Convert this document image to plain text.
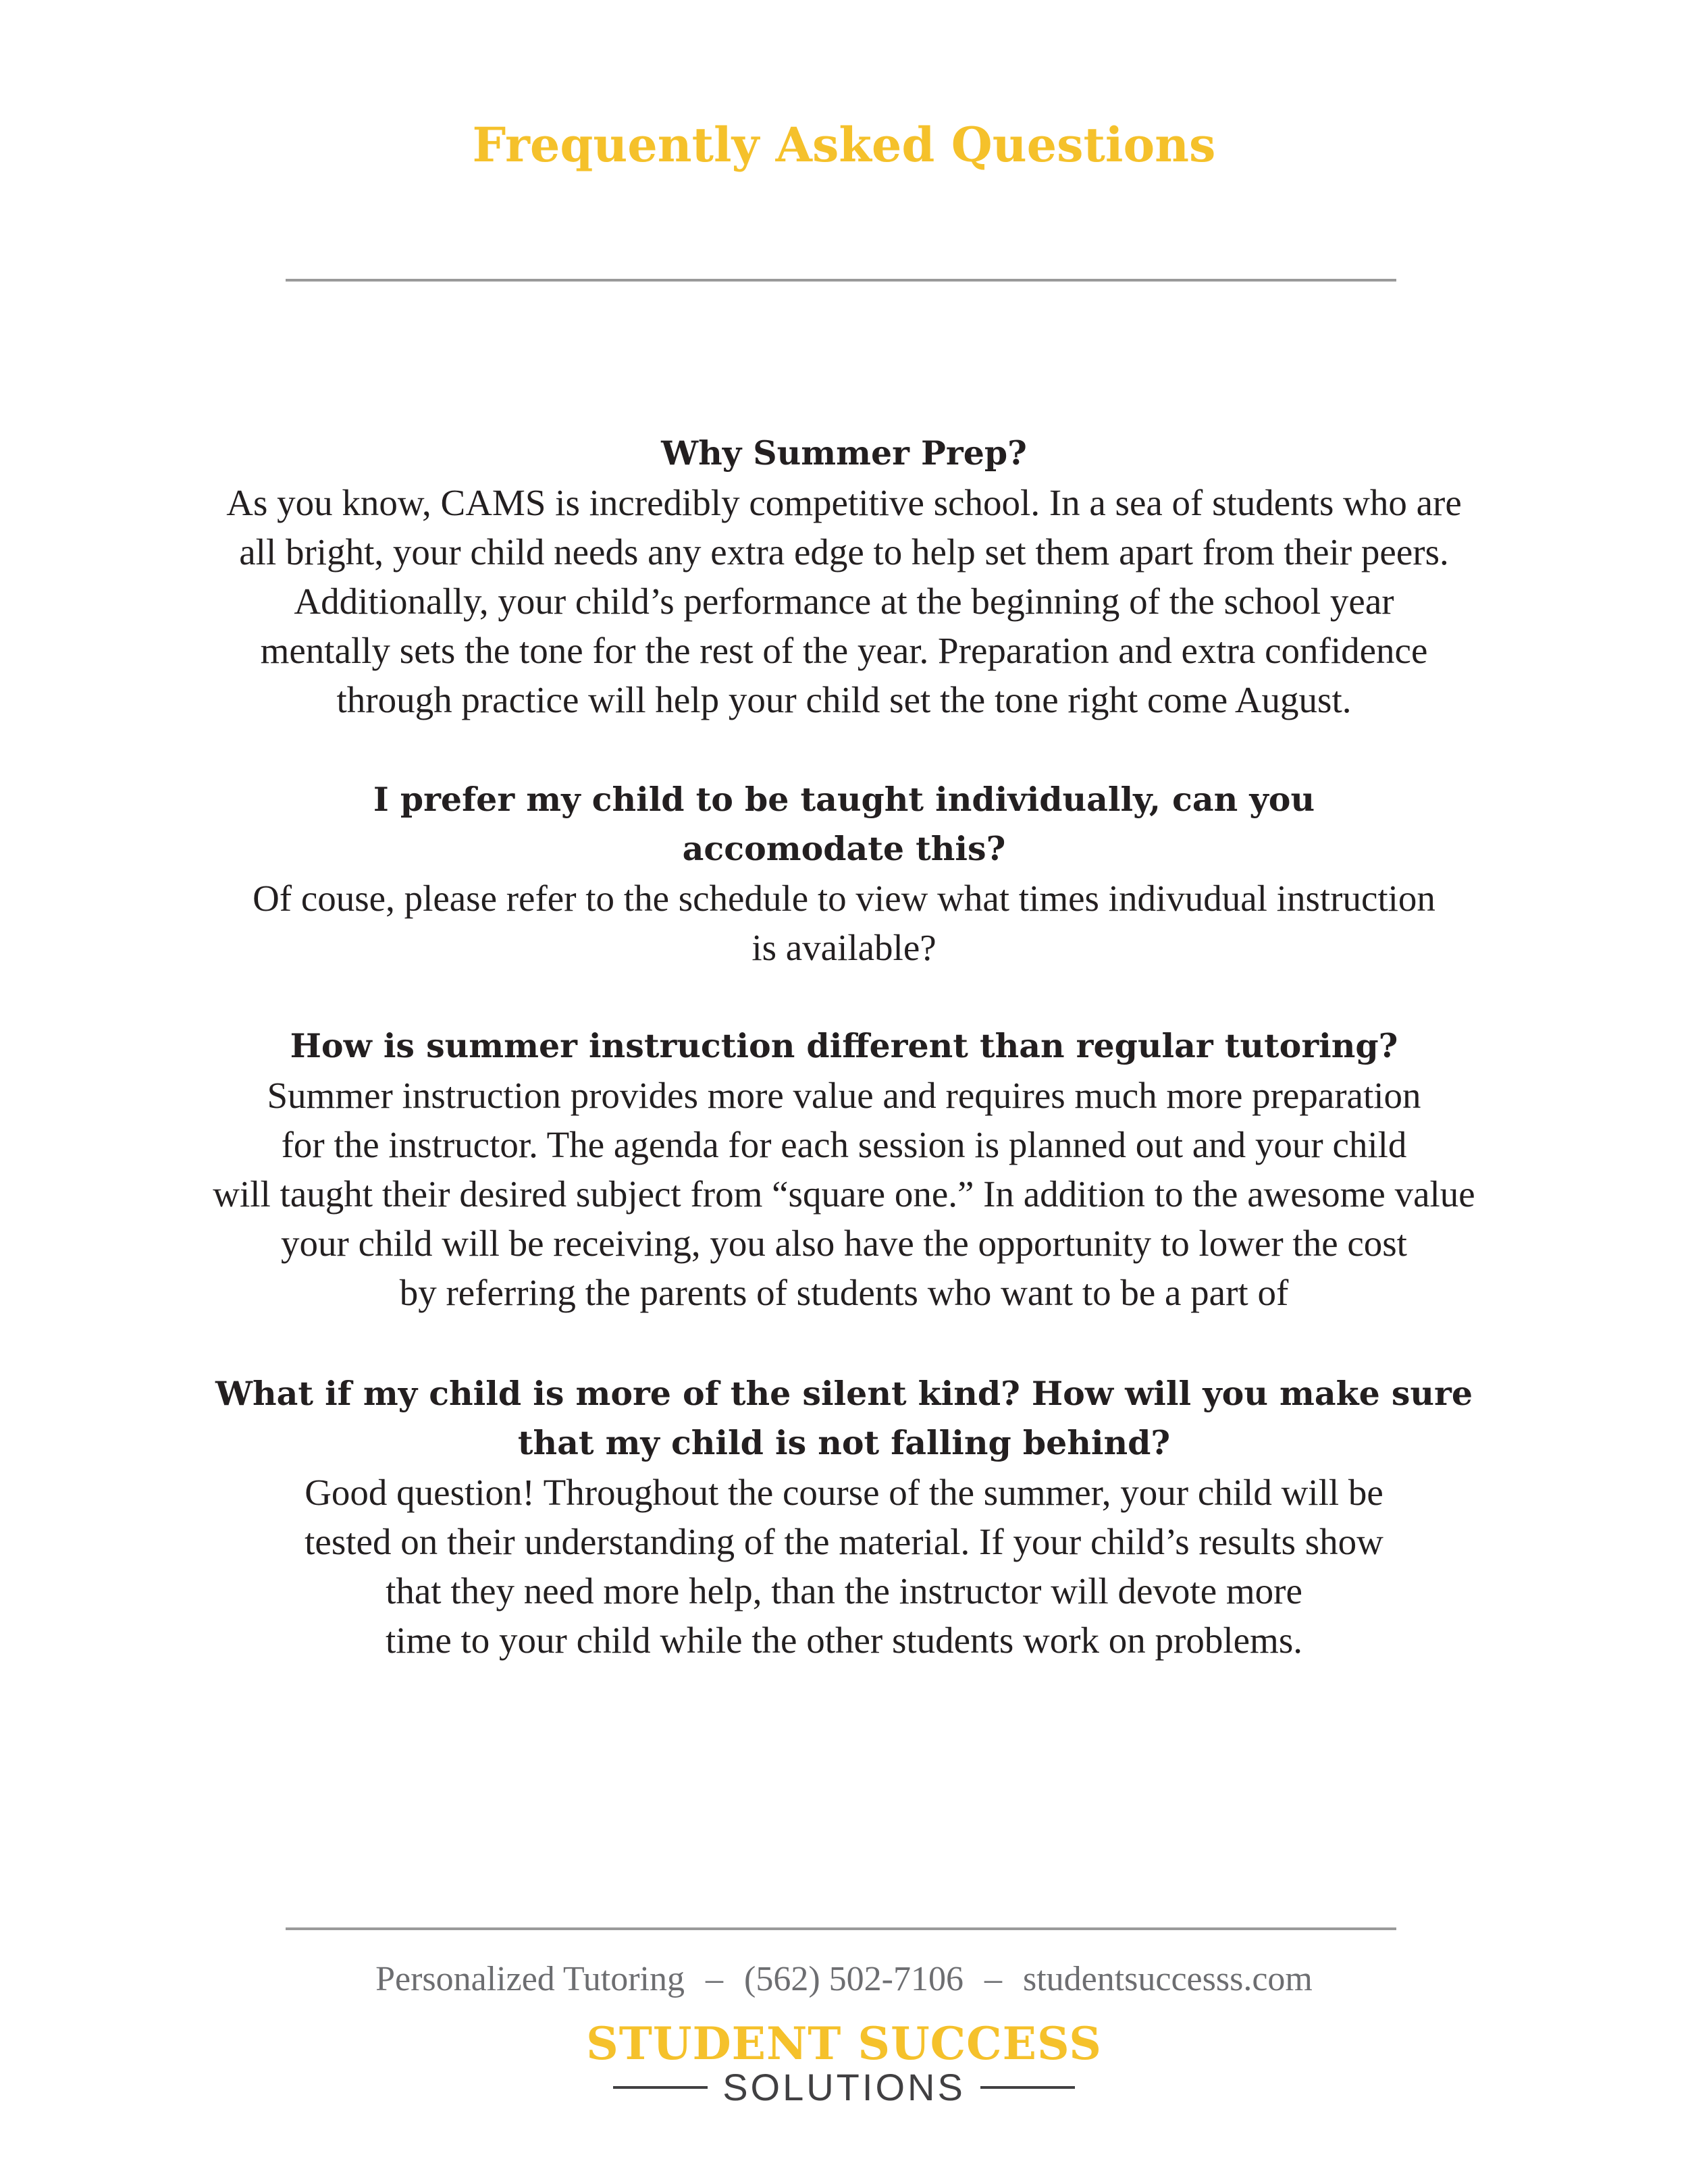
Frequently Asked Questions

Why Summer Prep?

As you know, CAMS is incredibly competitive school. In a sea of students who are
all bright, your child needs any extra edge to help set them apart from their peers.
Additionally, your child’s performance at the beginning of the school year
mentally sets the tone for the rest of the year. Preparation and extra confidence
through practice will help your child set the tone right come August.

I prefer my child to be taught individually, can you
accomodate this?

Of couse, please refer to the schedule to view what times indivudual instruction
is available?

How is summer instruction different than regular tutoring?

Summer instruction provides more value and requires much more preparation
for the instructor. The agenda for each session is planned out and your child
will taught their desired subject from “square one.” In addition to the awesome value
your child will be receiving, you also have the opportunity to lower the cost
by referring the parents of students who want to be a part of

What if my child is more of the silent kind? How will you make sure
that my child is not falling behind?

Good question! Throughout the course of the summer, your child will be
tested on their understanding of the material. If your child’s results show
that they need more help, than the instructor will devote more
time to your child while the other students work on problems.

Personalized Tutoring – (562) 502-7106 – studentsuccesss.com
STUDENT SUCCESS
SOLUTIONS
